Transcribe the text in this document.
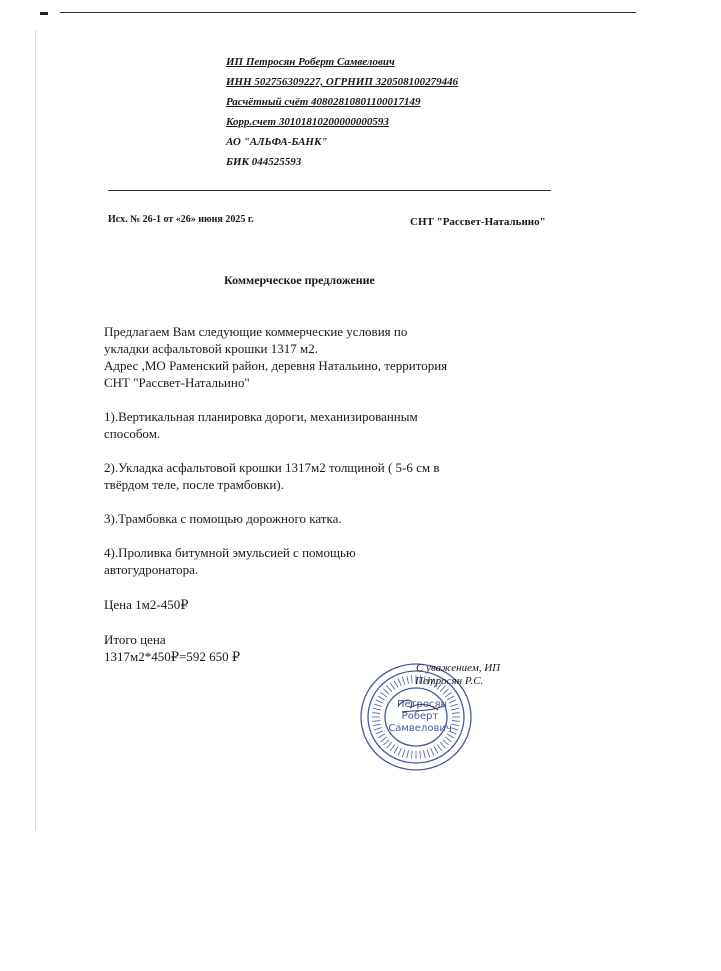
ИП Петросян Роберт Самвелович
ИНН 502756309227, ОГРНИП 320508100279446
Расчётный счёт 40802810801100017149
Корр.счет 30101810200000000593
АО "АЛЬФА-БАНК"
БИК 044525593
Исх. № 26-1 от «26» июня 2025 г.	СНТ "Рассвет-Натальино"
Коммерческое предложение
Предлагаем Вам следующие коммерческие условия по
укладки асфальтовой крошки 1317 м2.
Адрес ,МО Раменский район, деревня Натальино, территория
СНТ "Рассвет-Натальино"
1).Вертикальная планировка дороги, механизированным
способом.
2).Укладка асфальтовой крошки 1317м2 толщиной ( 5-6 см в
твёрдом теле, после трамбовки).
3).Трамбовка с помощью дорожного катка.
4).Проливка битумной эмульсией с помощью
автогудронатора.
Цена 1м2-450₽
Итого цена
1317м2*450₽=592 650 ₽
Петросян
Роберт
Самвелович
С уважением, ИП
Петросян Р.С.
